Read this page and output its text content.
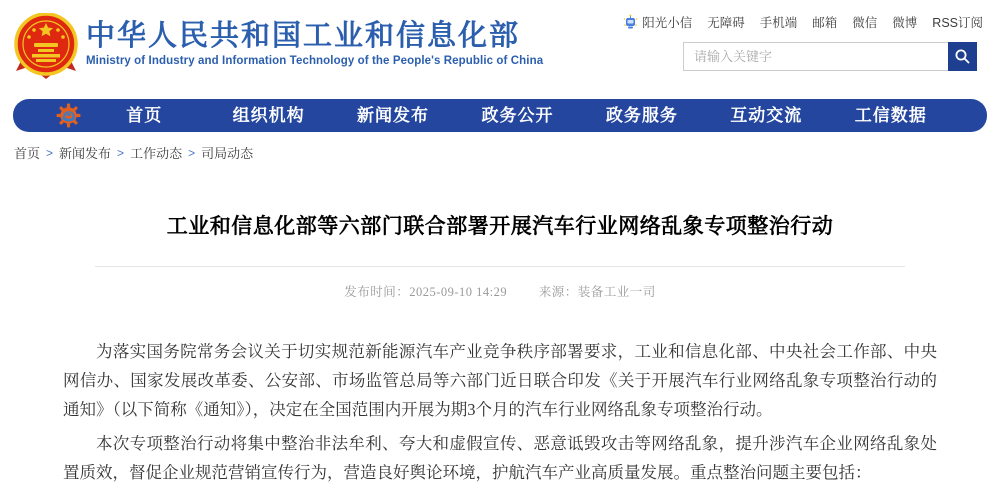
中华人民共和国工业和信息化部
Ministry of Industry and Information Technology of the People's Republic of China
阳光小信 无障碍 手机端 邮箱 微信 微博 RSS订阅
请输入关键字
首页	组织机构	新闻发布	政务公开	政务服务	互动交流	工信数据
首页 > 新闻发布 > 工作动态 > 司局动态
工业和信息化部等六部门联合部署开展汽车行业网络乱象专项整治行动
发布时间：2025-09-10 14:29	来源：装备工业一司

为落实国务院常务会议关于切实规范新能源汽车产业竞争秩序部署要求，工业和信息化部、中央社会工作部、中央网信办、国家发展改革委、公安部、市场监管总局等六部门近日联合印发《关于开展汽车行业网络乱象专项整治行动的通知》（以下简称《通知》），决定在全国范围内开展为期3个月的汽车行业网络乱象专项整治行动。

本次专项整治行动将集中整治非法牟利、夸大和虚假宣传、恶意诋毁攻击等网络乱象，提升涉汽车企业网络乱象处置质效，督促企业规范营销宣传行为，营造良好舆论环境，护航汽车产业高质量发展。重点整治问题主要包括：
